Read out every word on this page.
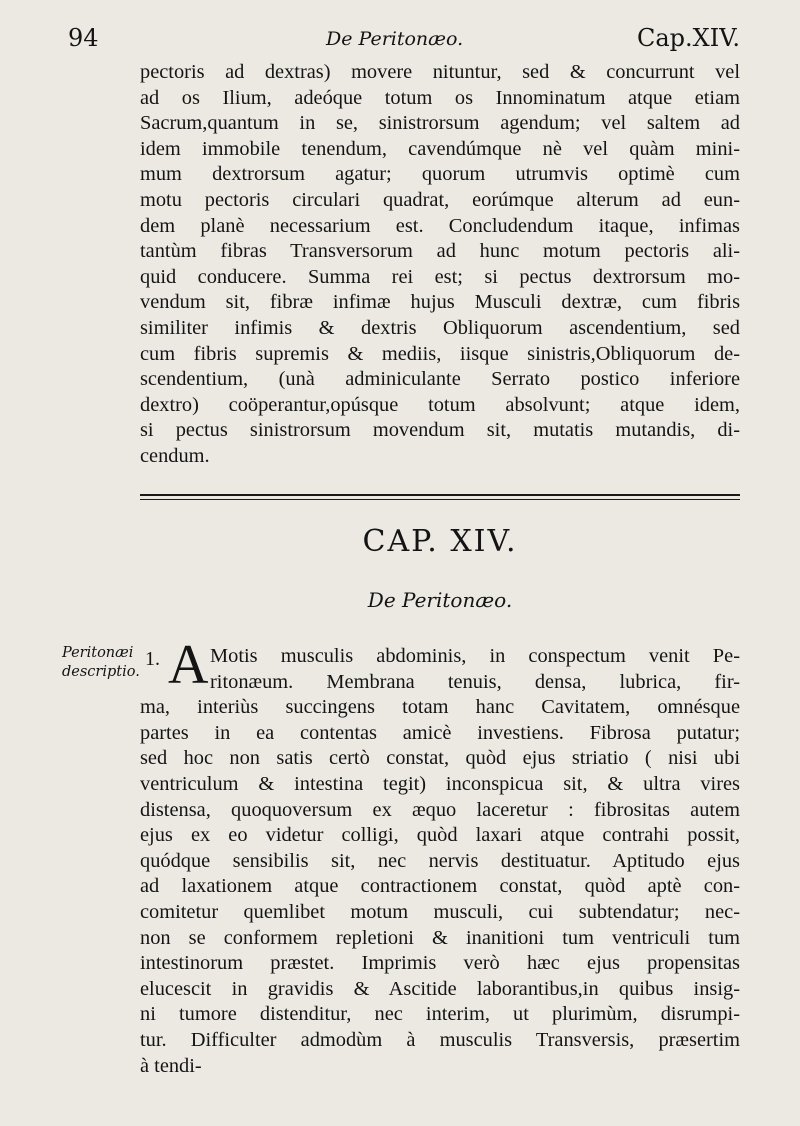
94	De Peritonæo.	Cap.XIV.
pectoris ad dextras) movere nituntur, sed & concurrunt vel
ad os Ilium, adeóque totum os Innominatum atque etiam
Sacrum,quantum in se, sinistrorsum agendum; vel saltem ad
idem immobile tenendum, cavendúmque nè vel quàm mini-
mum dextrorsum agatur; quorum utrumvis optimè cum
motu pectoris circulari quadrat, eorúmque alterum ad eun-
dem planè necessarium est. Concludendum itaque, infimas
tantùm fibras Transversorum ad hunc motum pectoris ali-
quid conducere. Summa rei est; si pectus dextrorsum mo-
vendum sit, fibræ infimæ hujus Musculi dextræ, cum fibris
similiter infimis & dextris Obliquorum ascendentium, sed
cum fibris supremis & mediis, iisque sinistris,Obliquorum de-
scendentium, (unà adminiculante Serrato postico inferiore
dextro) coöperantur,opúsque totum absolvunt; atque idem,
si pectus sinistrorsum movendum sit, mutatis mutandis, di-
cendum.
CAP. XIV.
De Peritonæo.
Peritonæi descriptio.
1. A Motis musculis abdominis, in conspectum venit Pe-
ritonæum. Membrana tenuis, densa, lubrica, fir-
ma, interiùs succingens totam hanc Cavitatem, omnésque
partes in ea contentas amicè investiens. Fibrosa putatur;
sed hoc non satis certò constat, quòd ejus striatio ( nisi ubi
ventriculum & intestina tegit) inconspicua sit, & ultra vires
distensa, quoquoversum ex æquo laceretur : fibrositas autem
ejus ex eo videtur colligi, quòd laxari atque contrahi possit,
quódque sensibilis sit, nec nervis destituatur. Aptitudo ejus
ad laxationem atque contractionem constat, quòd aptè con-
comitetur quemlibet motum musculi, cui subtendatur; nec-
non se conformem repletioni & inanitioni tum ventriculi tum
intestinorum præstet. Imprimis verò hæc ejus propensitas
elucescit in gravidis & Ascitide laborantibus,in quibus insig-
ni tumore distenditur, nec interim, ut plurimùm, disrumpi-
tur. Difficulter admodùm à musculis Transversis, præsertim
à tendi-
